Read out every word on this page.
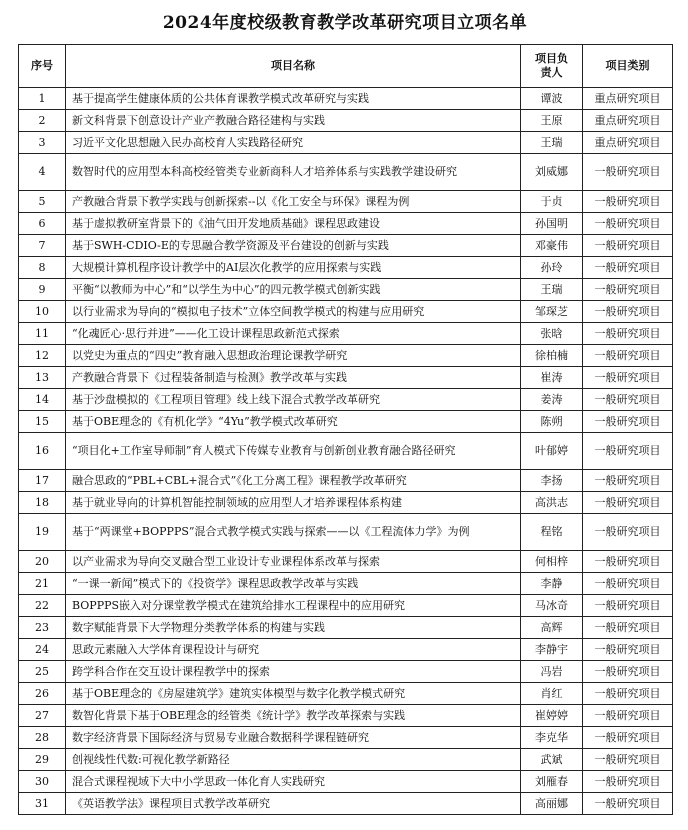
2024年度校级教育教学改革研究项目立项名单
序号	项目名称	项目负责人	项目类别
1	基于提高学生健康体质的公共体育课教学模式改革研究与实践	谭波	重点研究项目
2	新文科背景下创意设计产业产教融合路径建构与实践	王原	重点研究项目
3	习近平文化思想融入民办高校育人实践路径研究	王瑞	重点研究项目
4	数智时代的应用型本科高校经管类专业新商科人才培养体系与实践教学建设研究	刘威娜	一般研究项目
5	产教融合背景下教学实践与创新探索--以《化工安全与环保》课程为例	于贞	一般研究项目
6	基于虚拟教研室背景下的《油气田开发地质基础》课程思政建设	孙国明	一般研究项目
7	基于SWH-CDIO-E的专思融合教学资源及平台建设的创新与实践	邓豪伟	一般研究项目
8	大规模计算机程序设计教学中的AI层次化教学的应用探索与实践	孙玲	一般研究项目
9	平衡“以教师为中心”和“以学生为中心”的四元教学模式创新实践	王瑞	一般研究项目
10	以行业需求为导向的“模拟电子技术”立体空间教学模式的构建与应用研究	邹琛芝	一般研究项目
11	“化魂匠心·思行并进”——化工设计课程思政新范式探索	张晗	一般研究项目
12	以党史为重点的“四史”教育融入思想政治理论课教学研究	徐柏楠	一般研究项目
13	产教融合背景下《过程装备制造与检测》教学改革与实践	崔涛	一般研究项目
14	基于沙盘模拟的《工程项目管理》线上线下混合式教学改革研究	姜涛	一般研究项目
15	基于OBE理念的《有机化学》“4Yu”教学模式改革研究	陈朔	一般研究项目
16	“项目化+工作室导师制”育人模式下传媒专业教育与创新创业教育融合路径研究	叶郁婷	一般研究项目
17	融合思政的“PBL+CBL+混合式”《化工分离工程》课程教学改革研究	李扬	一般研究项目
18	基于就业导向的计算机智能控制领域的应用型人才培养课程体系构建	高洪志	一般研究项目
19	基于“两课堂+BOPPPS”混合式教学模式实践与探索——以《工程流体力学》为例	程铭	一般研究项目
20	以产业需求为导向交叉融合型工业设计专业课程体系改革与探索	何相梓	一般研究项目
21	“一课一新闻”模式下的《投资学》课程思政教学改革与实践	李静	一般研究项目
22	BOPPPS嵌入对分课堂教学模式在建筑给排水工程课程中的应用研究	马冰奇	一般研究项目
23	数字赋能背景下大学物理分类教学体系的构建与实践	高辉	一般研究项目
24	思政元素融入大学体育课程设计与研究	李静宇	一般研究项目
25	跨学科合作在交互设计课程教学中的探索	冯岩	一般研究项目
26	基于OBE理念的《房屋建筑学》建筑实体模型与数字化教学模式研究	肖红	一般研究项目
27	数智化背景下基于OBE理念的经管类《统计学》教学改革探索与实践	崔婷婷	一般研究项目
28	数字经济背景下国际经济与贸易专业融合数据科学课程链研究	李克华	一般研究项目
29	创视线性代数:可视化教学新路径	武斌	一般研究项目
30	混合式课程视域下大中小学思政一体化育人实践研究	刘雁春	一般研究项目
31	《英语教学法》课程项目式教学改革研究	高丽娜	一般研究项目
